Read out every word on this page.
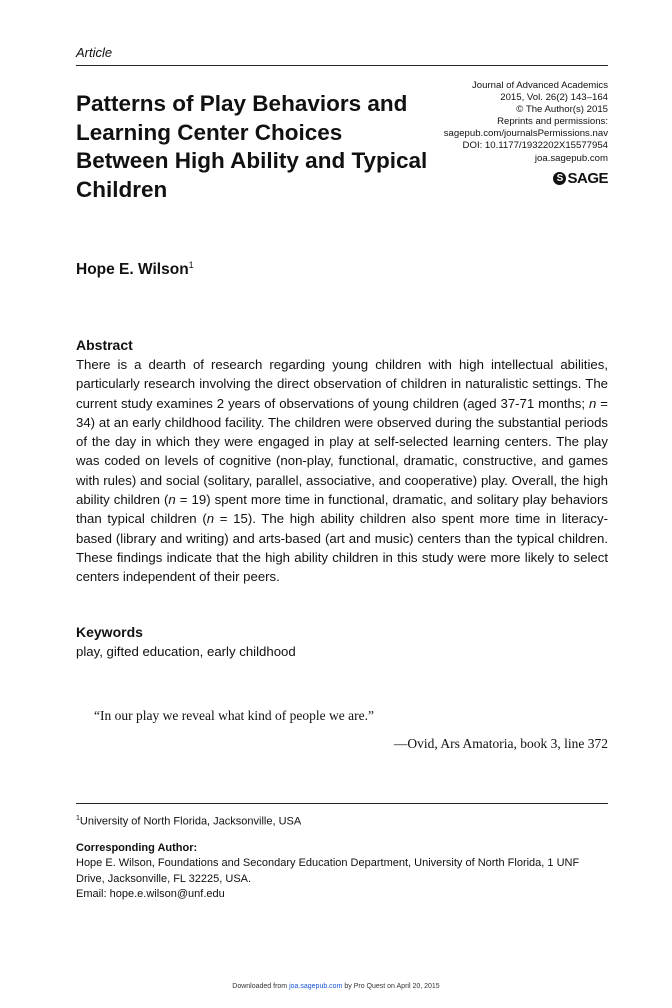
Article
Journal of Advanced Academics
2015, Vol. 26(2) 143–164
© The Author(s) 2015
Reprints and permissions:
sagepub.com/journalsPermissions.nav
DOI: 10.1177/1932202X15577954
joa.sagepub.com
S SAGE
Patterns of Play Behaviors and Learning Center Choices Between High Ability and Typical Children
Hope E. Wilson$^1$
Abstract
There is a dearth of research regarding young children with high intellectual abilities, particularly research involving the direct observation of children in naturalistic settings. The current study examines 2 years of observations of young children (aged 37-71 months; n = 34) at an early childhood facility. The children were observed during the substantial periods of the day in which they were engaged in play at self-selected learning centers. The play was coded on levels of cognitive (non-play, functional, dramatic, constructive, and games with rules) and social (solitary, parallel, associative, and cooperative) play. Overall, the high ability children (n = 19) spent more time in functional, dramatic, and solitary play behaviors than typical children (n = 15). The high ability children also spent more time in literacy-based (library and writing) and arts-based (art and music) centers than the typical children. These findings indicate that the high ability children in this study were more likely to select centers independent of their peers.
Keywords
play, gifted education, early childhood
“In our play we reveal what kind of people we are.”
—Ovid, Ars Amatoria, book 3, line 372
$^1$University of North Florida, Jacksonville, USA
Corresponding Author:
Hope E. Wilson, Foundations and Secondary Education Department, University of North Florida, 1 UNF
Drive, Jacksonville, FL 32225, USA.
Email: hope.e.wilson@unf.edu
Downloaded from joa.sagepub.com by Pro Quest on April 20, 2015
